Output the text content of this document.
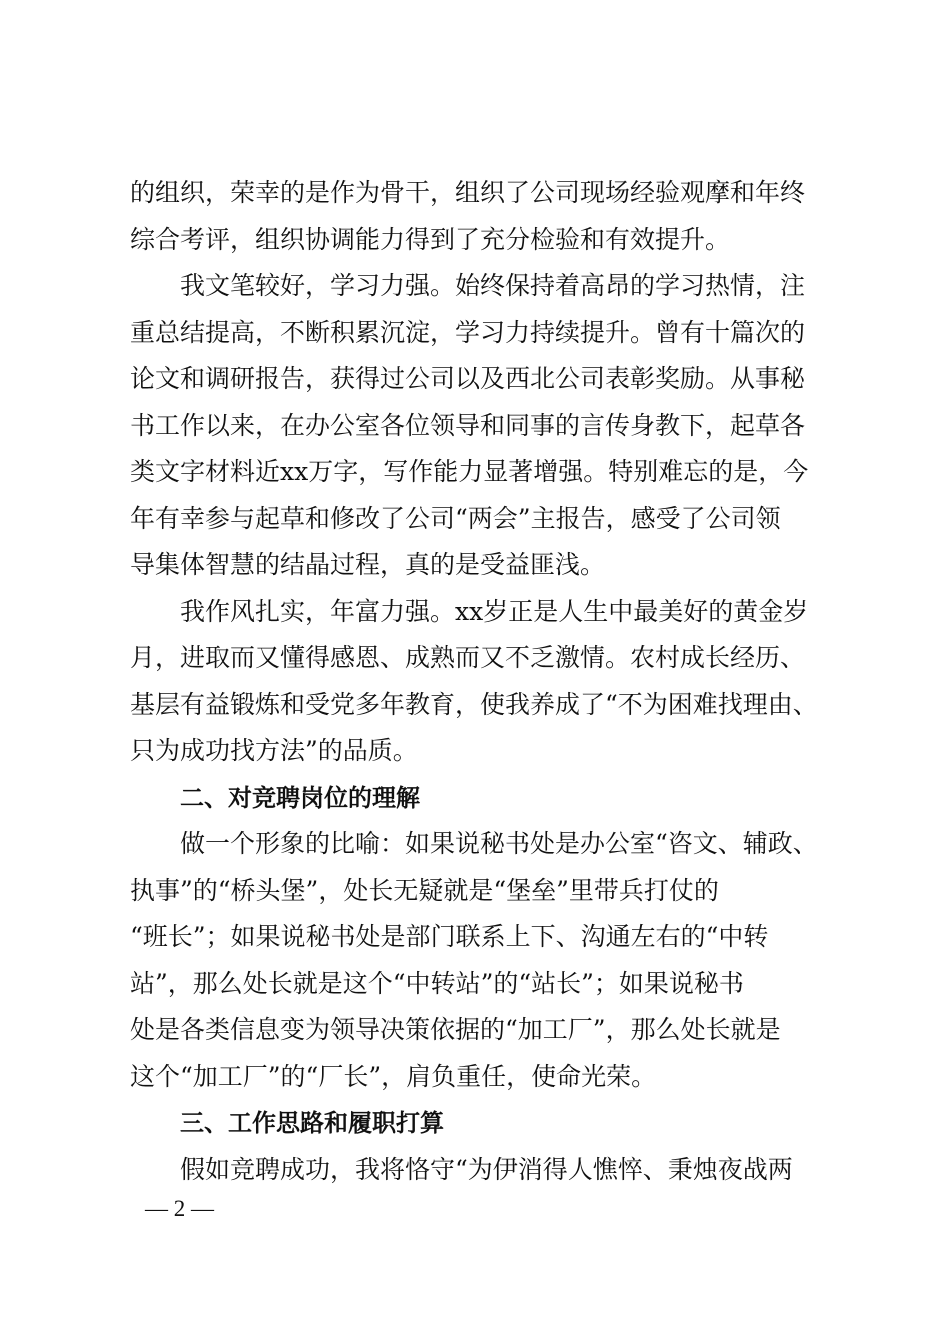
的组织，荣幸的是作为骨干，组织了公司现场经验观摩和年终
综合考评，组织协调能力得到了充分检验和有效提升。
我文笔较好，学习力强。始终保持着高昂的学习热情，注
重总结提高，不断积累沉淀，学习力持续提升。曾有十篇次的
论文和调研报告，获得过公司以及西北公司表彰奖励。从事秘
书工作以来，在办公室各位领导和同事的言传身教下，起草各
类文字材料近xx万字，写作能力显著增强。特别难忘的是，今
年有幸参与起草和修改了公司“两会”主报告，感受了公司领
导集体智慧的结晶过程，真的是受益匪浅。
我作风扎实，年富力强。xx岁正是人生中最美好的黄金岁
月，进取而又懂得感恩、成熟而又不乏激情。农村成长经历、
基层有益锻炼和受党多年教育，使我养成了“不为困难找理由、
只为成功找方法”的品质。
二、对竞聘岗位的理解
做一个形象的比喻：如果说秘书处是办公室“咨文、辅政、
执事”的“桥头堡”，处长无疑就是“堡垒”里带兵打仗的
“班长”；如果说秘书处是部门联系上下、沟通左右的“中转
站”，那么处长就是这个“中转站”的“站长”；如果说秘书
处是各类信息变为领导决策依据的“加工厂”，那么处长就是
这个“加工厂”的“厂长”，肩负重任，使命光荣。
三、工作思路和履职打算
假如竞聘成功，我将恪守“为伊消得人憔悴、秉烛夜战两
— 2 —
